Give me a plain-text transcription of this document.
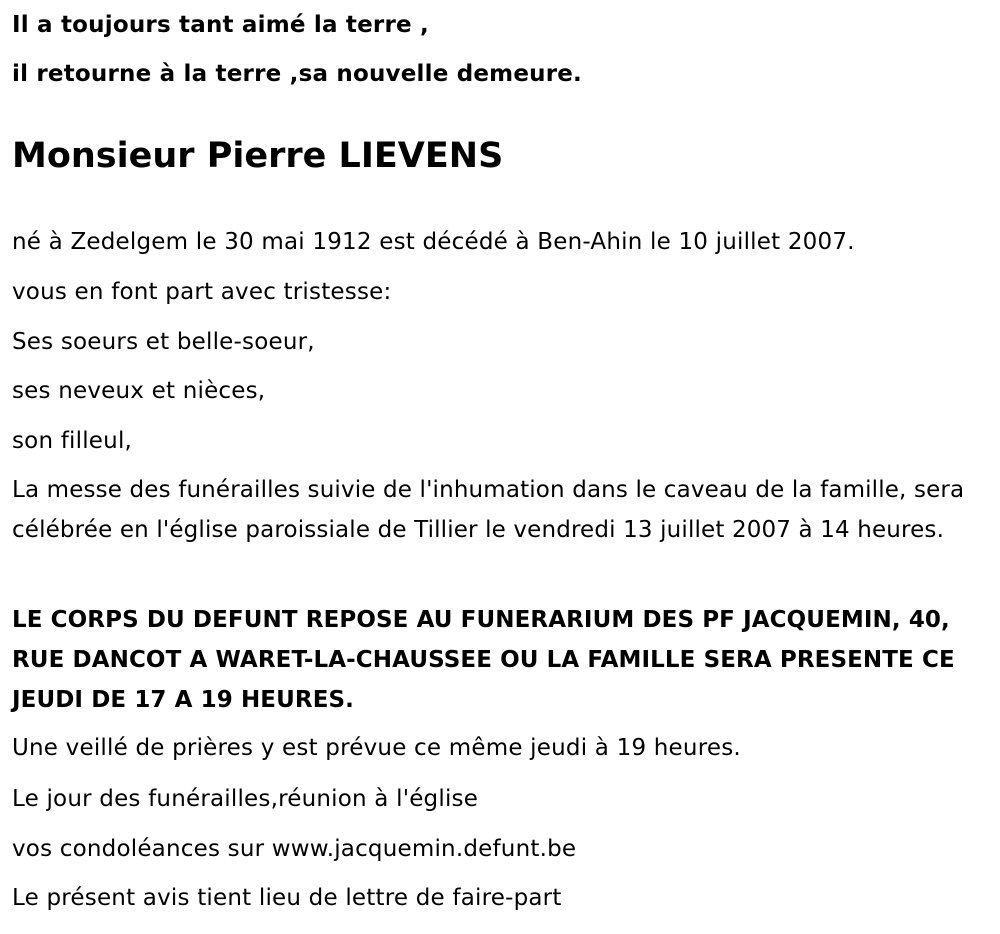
Il a toujours tant aimé la terre ,
il retourne à la terre ,sa nouvelle demeure.
Monsieur Pierre LIEVENS
né à Zedelgem le 30 mai 1912 est décédé à Ben-Ahin le 10 juillet 2007.
vous en font part avec tristesse:
Ses soeurs et belle-soeur,
ses neveux et nièces,
son filleul,
La messe des funérailles suivie de l'inhumation dans le caveau de la famille, sera célébrée en l'église paroissiale de Tillier le vendredi 13 juillet 2007 à 14 heures.
LE CORPS DU DEFUNT REPOSE AU FUNERARIUM DES PF JACQUEMIN, 40, RUE DANCOT A WARET-LA-CHAUSSEE OU LA FAMILLE SERA PRESENTE CE JEUDI DE 17 A 19 HEURES.
Une veillé de prières y est prévue ce même jeudi à 19 heures.
Le jour des funérailles,réunion à l'église
vos condoléances sur www.jacquemin.defunt.be
Le présent avis tient lieu de lettre de faire-part
